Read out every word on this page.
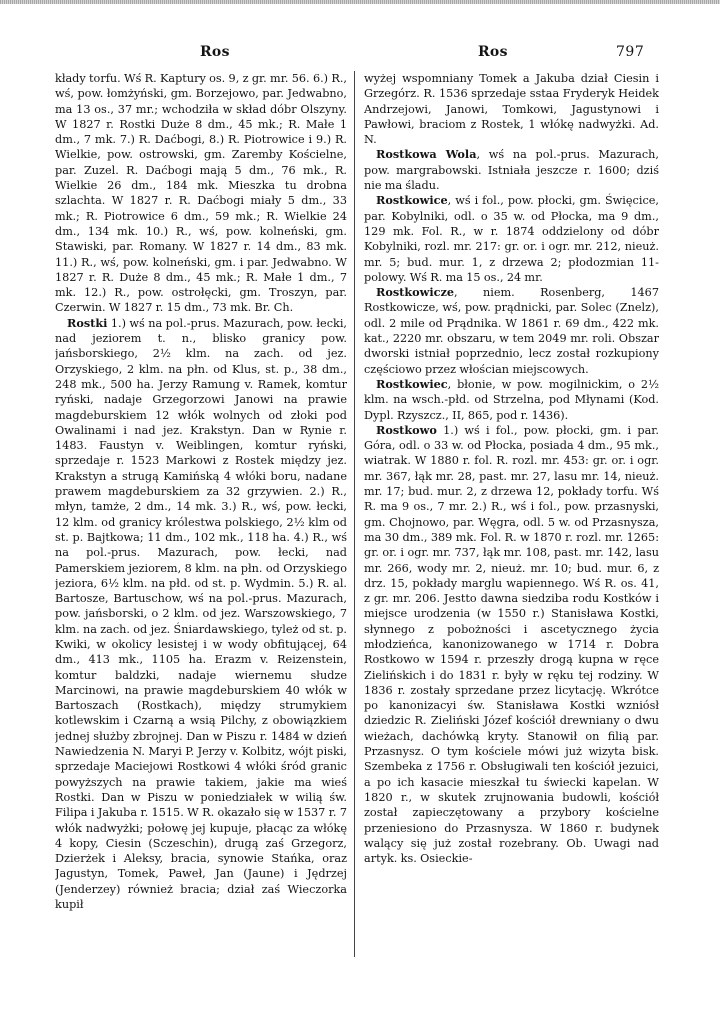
Ros	Ros	797

kłady torfu. Wś R. Kaptury os. 9, z gr. mr. 56. 6.) R., wś, pow. łomżyński, gm. Borzejowo, par. Jedwabno, ma 13 os., 37 mr.; wchodziła w skład dóbr Olszyny. W 1827 r. Rostki Duże 8 dm., 45 mk.; R. Małe 1 dm., 7 mk. 7.) R. Daćbogi, 8.) R. Piotrowice i 9.) R. Wielkie, pow. ostrowski, gm. Zaremby Kościelne, par. Zuzel. R. Daćbogi mają 5 dm., 76 mk., R. Wielkie 26 dm., 184 mk. Mieszka tu drobna szlachta. W 1827 r. R. Daćbogi miały 5 dm., 33 mk.; R. Piotrowice 6 dm., 59 mk.; R. Wielkie 24 dm., 134 mk. 10.) R., wś, pow. kolneński, gm. Stawiski, par. Romany. W 1827 r. 14 dm., 83 mk. 11.) R., wś, pow. kolneński, gm. i par. Jedwabno. W 1827 r. R. Duże 8 dm., 45 mk.; R. Małe 1 dm., 7 mk. 12.) R., pow. ostrołęcki, gm. Troszyn, par. Czerwin. W 1827 r. 15 dm., 73 mk. Br. Ch.

Rostki 1.) wś na pol.-prus. Mazurach, pow. łecki, nad jeziorem t. n., blisko granicy pow. jańsborskiego, 2½ klm. na zach. od jez. Orzyskiego, 2 klm. na płn. od Klus, st. p., 38 dm., 248 mk., 500 ha. Jerzy Ramung v. Ramek, komtur ryński, nadaje Grzegorzowi Janowi na prawie magdeburskiem 12 włók wolnych od złoki pod Owalinami i nad jez. Krakstyn. Dan w Rynie r. 1483. Faustyn v. Weiblingen, komtur ryński, sprzedaje r. 1523 Markowi z Rostek między jez. Krakstyn a strugą Kamińską 4 włóki boru, nadane prawem magdeburskiem za 32 grzywien. 2.) R., młyn, tamże, 2 dm., 14 mk. 3.) R., wś, pow. łecki, 12 klm. od granicy królestwa polskiego, 2½ klm od st. p. Bajtkowa; 11 dm., 102 mk., 118 ha. 4.) R., wś na pol.-prus. Mazurach, pow. łecki, nad Pamerskiem jeziorem, 8 klm. na płn. od Orzyskiego jeziora, 6½ klm. na płd. od st. p. Wydmin. 5.) R. al. Bartosze, Bartuschow, wś na pol.-prus. Mazurach, pow. jańsborski, o 2 klm. od jez. Warszowskiego, 7 klm. na zach. od jez. Śniardawskiego, tyleż od st. p. Kwiki, w okolicy lesistej i w wody obfitującej, 64 dm., 413 mk., 1105 ha. Erazm v. Reizenstein, komtur baldzki, nadaje wiernemu słudze Marcinowi, na prawie magdeburskiem 40 włók w Bartoszach (Rostkach), między strumykiem kotlewskim i Czarną a wsią Pilchy, z obowiązkiem jednej służby zbrojnej. Dan w Piszu r. 1484 w dzień Nawiedzenia N. Maryi P. Jerzy v. Kolbitz, wójt piski, sprzedaje Maciejowi Rostkowi 4 włóki śród granic powyższych na prawie takiem, jakie ma wieś Rostki. Dan w Piszu w poniedziałek w wilią św. Filipa i Jakuba r. 1515. W R. okazało się w 1537 r. 7 włók nadwyżki; połowę jej kupuje, płacąc za włókę 4 kopy, Ciesin (Sczeschin), drugą zaś Grzegorz, Dzierżek i Aleksy, bracia, synowie Stańka, oraz Jagustyn, Tomek, Paweł, Jan (Jaune) i Jędrzej (Jenderzey) również bracia; dział zaś Wieczorka kupił

wyżej wspomniany Tomek a Jakuba dział Ciesin i Grzegórz. R. 1536 sprzedaje sstaa Fryderyk Heidek Andrzejowi, Janowi, Tomkowi, Jagustynowi i Pawłowi, braciom z Rostek, 1 włókę nadwyżki. Ad. N.

Rostkowa Wola, wś na pol.-prus. Mazurach, pow. margrabowski. Istniała jeszcze r. 1600; dziś nie ma śladu.

Rostkowice, wś i fol., pow. płocki, gm. Święcice, par. Kobylniki, odl. o 35 w. od Płocka, ma 9 dm., 129 mk. Fol. R., w r. 1874 oddzielony od dóbr Kobylniki, rozl. mr. 217: gr. or. i ogr. mr. 212, nieuż. mr. 5; bud. mur. 1, z drzewa 2; płodozmian 11-polowy. Wś R. ma 15 os., 24 mr.

Rostkowicze, niem. Rosenberg, 1467 Rostkowicze, wś, pow. prądnicki, par. Solec (Znelz), odl. 2 mile od Prądnika. W 1861 r. 69 dm., 422 mk. kat., 2220 mr. obszaru, w tem 2049 mr. roli. Obszar dworski istniał poprzednio, lecz został rozkupiony częściowo przez włościan miejscowych.

Rostkowiec, błonie, w pow. mogilnickim, o 2½ klm. na wsch.-płd. od Strzelna, pod Młynami (Kod. Dypl. Rzyszcz., II, 865, pod r. 1436).

Rostkowo 1.) wś i fol., pow. płocki, gm. i par. Góra, odl. o 33 w. od Płocka, posiada 4 dm., 95 mk., wiatrak. W 1880 r. fol. R. rozl. mr. 453: gr. or. i ogr. mr. 367, łąk mr. 28, past. mr. 27, lasu mr. 14, nieuż. mr. 17; bud. mur. 2, z drzewa 12, pokłady torfu. Wś R. ma 9 os., 7 mr. 2.) R., wś i fol., pow. przasnyski, gm. Chojnowo, par. Węgra, odl. 5 w. od Przasnysza, ma 30 dm., 389 mk. Fol. R. w 1870 r. rozl. mr. 1265: gr. or. i ogr. mr. 737, łąk mr. 108, past. mr. 142, lasu mr. 266, wody mr. 2, nieuż. mr. 10; bud. mur. 6, z drz. 15, pokłady marglu wapiennego. Wś R. os. 41, z gr. mr. 206. Jestto dawna siedziba rodu Kostków i miejsce urodzenia (w 1550 r.) Stanisława Kostki, słynnego z pobożności i ascetycznego życia młodzieńca, kanonizowanego w 1714 r. Dobra Rostkowo w 1594 r. przeszły drogą kupna w ręce Zielińskich i do 1831 r. były w ręku tej rodziny. W 1836 r. zostały sprzedane przez licytację. Wkrótce po kanonizacyi św. Stanisława Kostki wzniósł dziedzic R. Zieliński Józef kościół drewniany o dwu wieżach, dachówką kryty. Stanowił on filią par. Przasnysz. O tym kościele mówi już wizyta bisk. Szembeka z 1756 r. Obsługiwali ten kościół jezuici, a po ich kasacie mieszkał tu świecki kapelan. W 1820 r., w skutek zrujnowania budowli, kościół został zapieczętowany a przybory kościelne przeniesiono do Przasnysza. W 1860 r. budynek walący się już został rozebrany. Ob. Uwagi nad artyk. ks. Osieckie-
